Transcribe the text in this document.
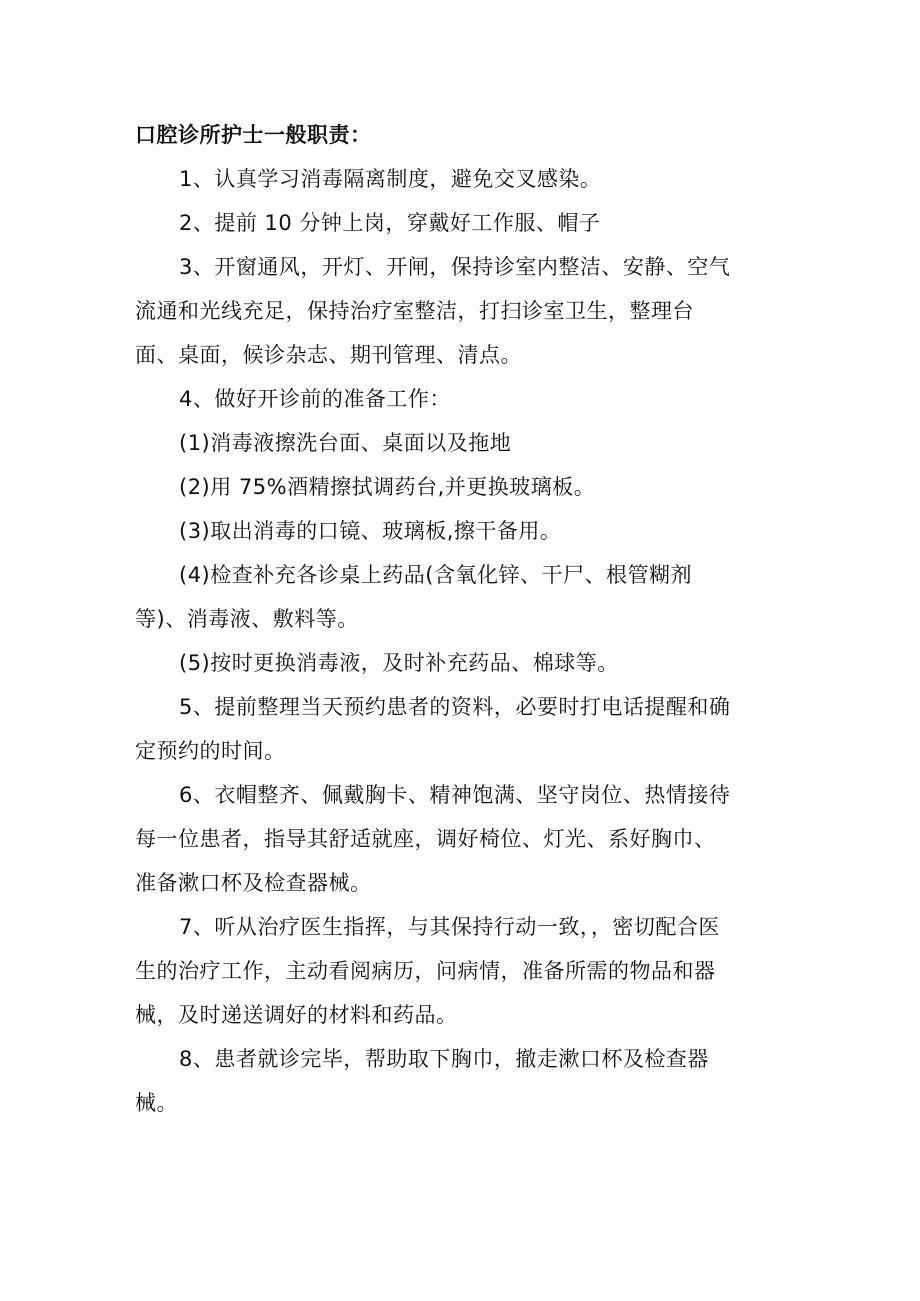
口腔诊所护士一般职责：
1、认真学习消毒隔离制度，避免交叉感染。
2、提前 10 分钟上岗，穿戴好工作服、帽子
3、开窗通风，开灯、开闸，保持诊室内整洁、安静、空气
流通和光线充足，保持治疗室整洁，打扫诊室卫生，整理台
面、桌面，候诊杂志、期刊管理、清点。
4、做好开诊前的准备工作：
(1)消毒液擦洗台面、桌面以及拖地
(2)用 75%酒精擦拭调药台,并更换玻璃板。
(3)取出消毒的口镜、玻璃板,擦干备用。
(4)检查补充各诊桌上药品(含氧化锌、干尸、根管糊剂
等)、消毒液、敷料等。
(5)按时更换消毒液，及时补充药品、棉球等。
5、提前整理当天预约患者的资料，必要时打电话提醒和确
定预约的时间。
6、衣帽整齐、佩戴胸卡、精神饱满、坚守岗位、热情接待
每一位患者，指导其舒适就座，调好椅位、灯光、系好胸巾、
准备漱口杯及检查器械。
7、听从治疗医生指挥，与其保持行动一致，，密切配合医
生的治疗工作，主动看阅病历，问病情，准备所需的物品和器
械，及时递送调好的材料和药品。
8、患者就诊完毕，帮助取下胸巾，撤走漱口杯及检查器
械。
